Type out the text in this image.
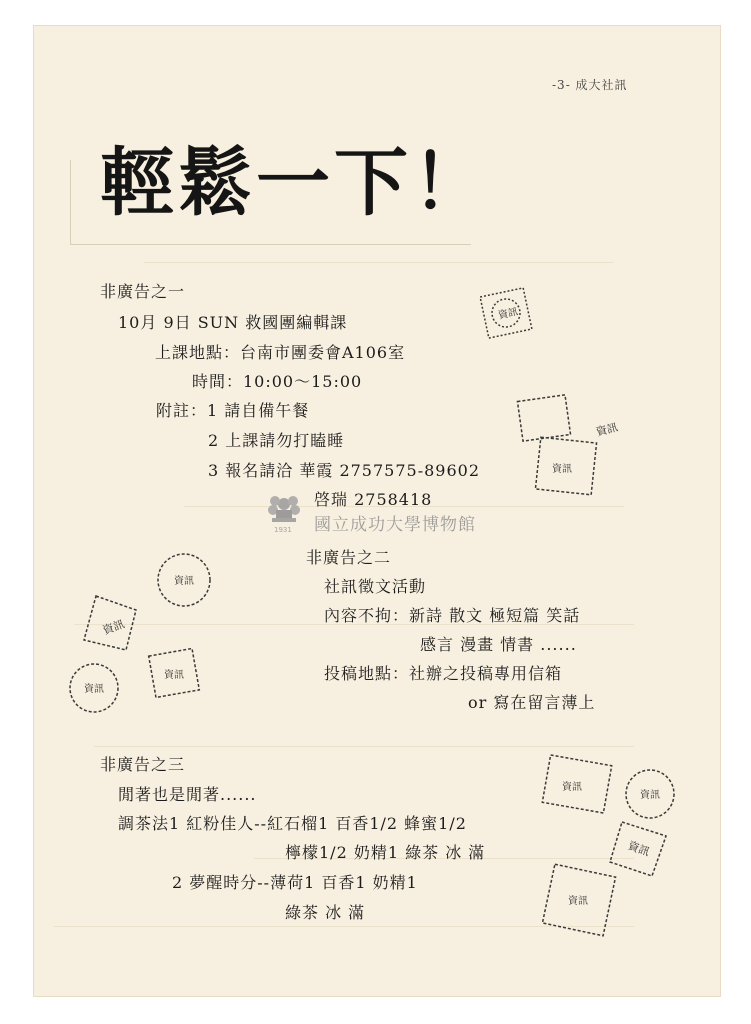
-3- 成大社訊
輕鬆一下！
非廣告之一
10月 9日 SUN 救國團編輯課
上課地點：台南市團委會A106室
時間：10:00～15:00
附註：1 請自備午餐
2 上課請勿打瞌睡
3 報名請洽 華霞 2757575-89602
啓瑞 2758418
1931 國立成功大學博物館
非廣告之二
社訊徵文活動
內容不拘：新詩 散文 極短篇 笑話
感言 漫畫 情書 ......
投稿地點：社辦之投稿專用信箱
or 寫在留言薄上
非廣告之三
閒著也是閒著......
調茶法1 紅粉佳人--紅石榴1 百香1/2 蜂蜜1/2
檸檬1/2 奶精1 綠茶 冰 滿
2 夢醒時分--薄荷1 百香1 奶精1
綠茶 冰 滿
資訊
資訊
資訊
資訊
資訊
資訊
資訊
資訊
資訊
資訊
資訊
